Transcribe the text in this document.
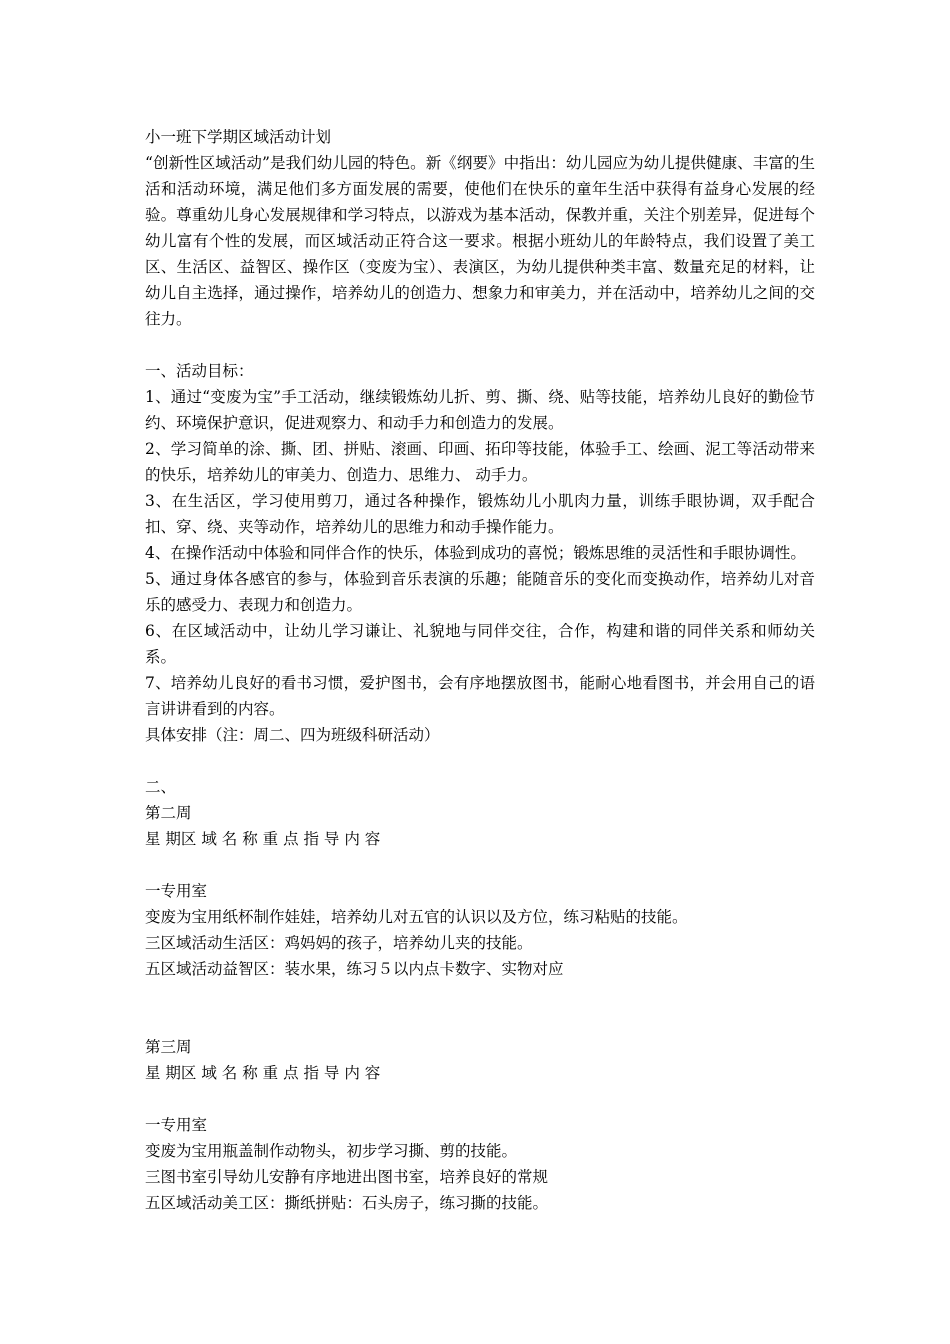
小一班下学期区域活动计划

“创新性区域活动”是我们幼儿园的特色。新《纲要》中指出：幼儿园应为幼儿提供健康、丰富的生活和活动环境，满足他们多方面发展的需要，使他们在快乐的童年生活中获得有益身心发展的经验。尊重幼儿身心发展规律和学习特点，以游戏为基本活动，保教并重，关注个别差异，促进每个幼儿富有个性的发展，而区域活动正符合这一要求。根据小班幼儿的年龄特点，我们设置了美工区、生活区、益智区、操作区（变废为宝）、表演区，为幼儿提供种类丰富、数量充足的材料，让幼儿自主选择，通过操作，培养幼儿的创造力、想象力和审美力，并在活动中，培养幼儿之间的交往力。

一、活动目标：

1、通过“变废为宝”手工活动，继续锻炼幼儿折、剪、撕、绕、贴等技能，培养幼儿良好的勤俭节约、环境保护意识，促进观察力、和动手力和创造力的发展。

2、学习简单的涂、撕、团、拼贴、滚画、印画、拓印等技能，体验手工、绘画、泥工等活动带来的快乐，培养幼儿的审美力、创造力、思维力、 动手力。

3、在生活区，学习使用剪刀，通过各种操作，锻炼幼儿小肌肉力量，训练手眼协调，双手配合扣、穿、绕、夹等动作，培养幼儿的思维力和动手操作能力。

4、在操作活动中体验和同伴合作的快乐，体验到成功的喜悦；锻炼思维的灵活性和手眼协调性。

5、通过身体各感官的参与，体验到音乐表演的乐趣；能随音乐的变化而变换动作，培养幼儿对音乐的感受力、表现力和创造力。

6、在区域活动中，让幼儿学习谦让、礼貌地与同伴交往，合作，构建和谐的同伴关系和师幼关系。

7、培养幼儿良好的看书习惯，爱护图书，会有序地摆放图书，能耐心地看图书，并会用自己的语言讲讲看到的内容。

具体安排（注：周二、四为班级科研活动）
二、
第二周
星 期区 域 名 称 重 点 指 导 内 容
一专用室
变废为宝用纸杯制作娃娃，培养幼儿对五官的认识以及方位，练习粘贴的技能。
三区域活动生活区：鸡妈妈的孩子，培养幼儿夹的技能。
五区域活动益智区：装水果，练习５以内点卡数字、实物对应
第三周
星 期区 域 名 称 重 点 指 导 内 容
一专用室
变废为宝用瓶盖制作动物头，初步学习撕、剪的技能。
三图书室引导幼儿安静有序地进出图书室，培养良好的常规
五区域活动美工区：撕纸拼贴：石头房子，练习撕的技能。
